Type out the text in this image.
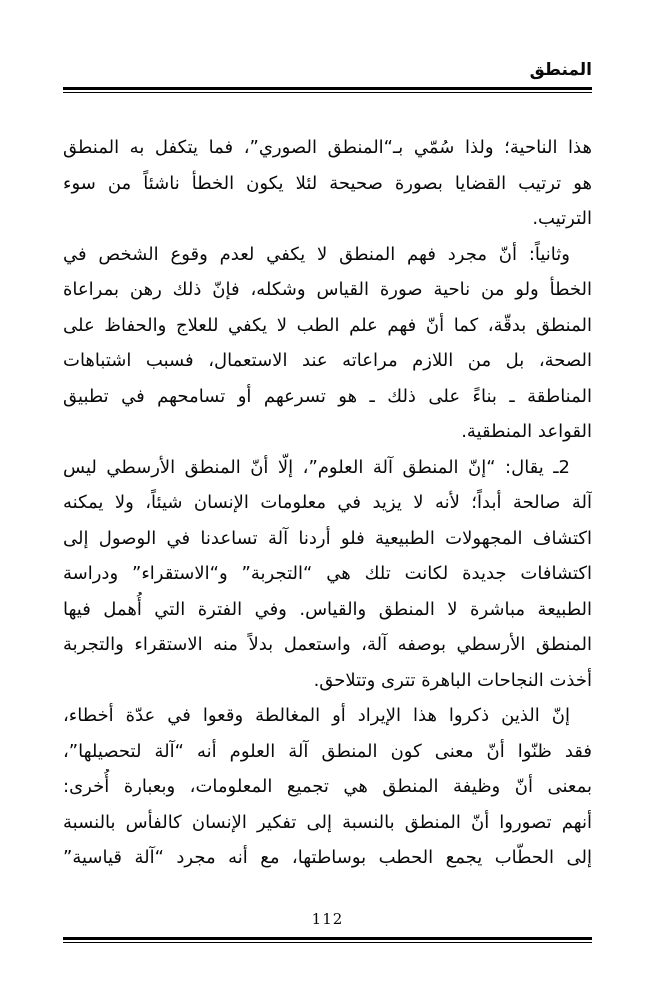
المنطق
هذا الناحية؛ ولذا سُمّي بـ“المنطق الصوري”، فما يتكفل به المنطق
هو ترتيب القضايا بصورة صحيحة لئلا يكون الخطأ ناشئاً من سوء
الترتيب.
وثانياً: أنّ مجرد فهم المنطق لا يكفي لعدم وقوع الشخص في
الخطأ ولو من ناحية صورة القياس وشكله، فإنّ ذلك رهن بمراعاة
المنطق بدقّة، كما أنّ فهم علم الطب لا يكفي للعلاج والحفاظ على
الصحة، بل من اللازم مراعاته عند الاستعمال، فسبب اشتباهات
المناطقة ـ بناءً على ذلك ـ هو تسرعهم أو تسامحهم في تطبيق
القواعد المنطقية.
2ـ يقال: “إنّ المنطق آلة العلوم”، إلّا أنّ المنطق الأرسطي ليس
آلة صالحة أبداً؛ لأنه لا يزيد في معلومات الإنسان شيئاً، ولا يمكنه
اكتشاف المجهولات الطبيعية فلو أردنا آلة تساعدنا في الوصول إلى
اكتشافات جديدة لكانت تلك هي “التجربة” و“الاستقراء” ودراسة
الطبيعة مباشرة لا المنطق والقياس. وفي الفترة التي أُهمل فيها
المنطق الأرسطي بوصفه آلة، واستعمل بدلاً منه الاستقراء والتجربة
أخذت النجاحات الباهرة تترى وتتلاحق.
إنّ الذين ذكروا هذا الإيراد أو المغالطة وقعوا في عدّة أخطاء،
فقد ظنّوا أنّ معنى كون المنطق آلة العلوم أنه “آلة لتحصيلها”،
بمعنى أنّ وظيفة المنطق هي تجميع المعلومات، وبعبارة أُخرى:
أنهم تصوروا أنّ المنطق بالنسبة إلى تفكير الإنسان كالفأس بالنسبة
إلى الحطّاب يجمع الحطب بوساطتها، مع أنه مجرد “آلة قياسية”
112
